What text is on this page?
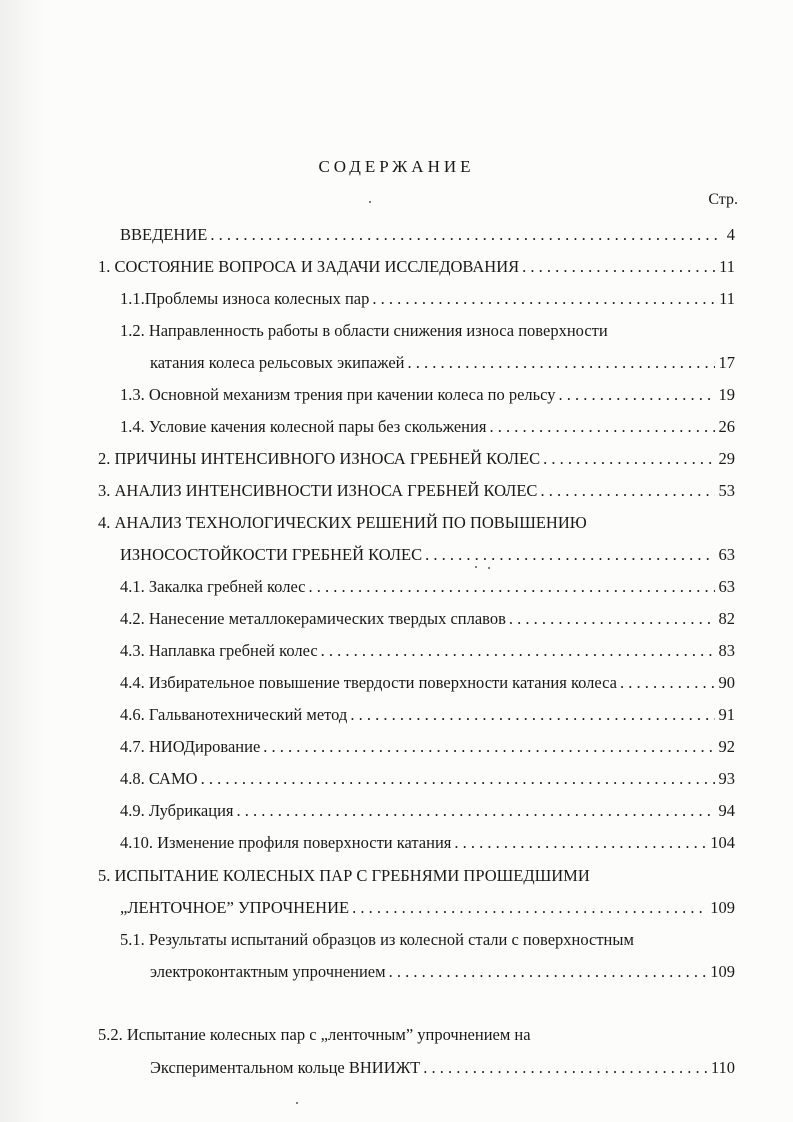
СОДЕРЖАНИЕ
Стр.
ВВЕДЕНИЕ . . .	4
1. СОСТОЯНИЕ ВОПРОСА И ЗАДАЧИ ИССЛЕДОВАНИЯ . . .	11
1.1.Проблемы износа колесных пар . . .	11
1.2. Направленность работы в области снижения износа поверхности
катания колеса рельсовых экипажей . . .	17
1.3. Основной механизм трения при качении колеса по рельсу . . .	19
1.4. Условие качения колесной пары без скольжения . . .	26
2. ПРИЧИНЫ ИНТЕНСИВНОГО ИЗНОСА ГРЕБНЕЙ КОЛЕС . . .	29
3. АНАЛИЗ ИНТЕНСИВНОСТИ ИЗНОСА ГРЕБНЕЙ КОЛЕС . . .	53
4. АНАЛИЗ ТЕХНОЛОГИЧЕСКИХ РЕШЕНИЙ ПО ПОВЫШЕНИЮ
ИЗНОСОСТОЙКОСТИ ГРЕБНЕЙ КОЛЕС . . .	63
4.1. Закалка гребней колес . . .	63
4.2. Нанесение металлокерамических твердых сплавов . . .	82
4.3. Наплавка гребней колес . . .	83
4.4. Избирательное повышение твердости поверхности катания колеса . . .	90
4.6. Гальванотехнический метод . . .	91
4.7. НИОДирование . . .	92
4.8. САМО . . .	93
4.9. Лубрикация . . .	94
4.10. Изменение профиля поверхности катания . . .	104
5. ИСПЫТАНИЕ КОЛЕСНЫХ ПАР С ГРЕБНЯМИ ПРОШЕДШИМИ
„ЛЕНТОЧНОЕ” УПРОЧНЕНИЕ . . .	109
5.1. Результаты испытаний образцов из колесной стали с поверхностным
электроконтактным упрочнением . . .	109
5.2. Испытание колесных пар с „ленточным” упрочнением на
Экспериментальном кольце ВНИИЖТ . . .	110
